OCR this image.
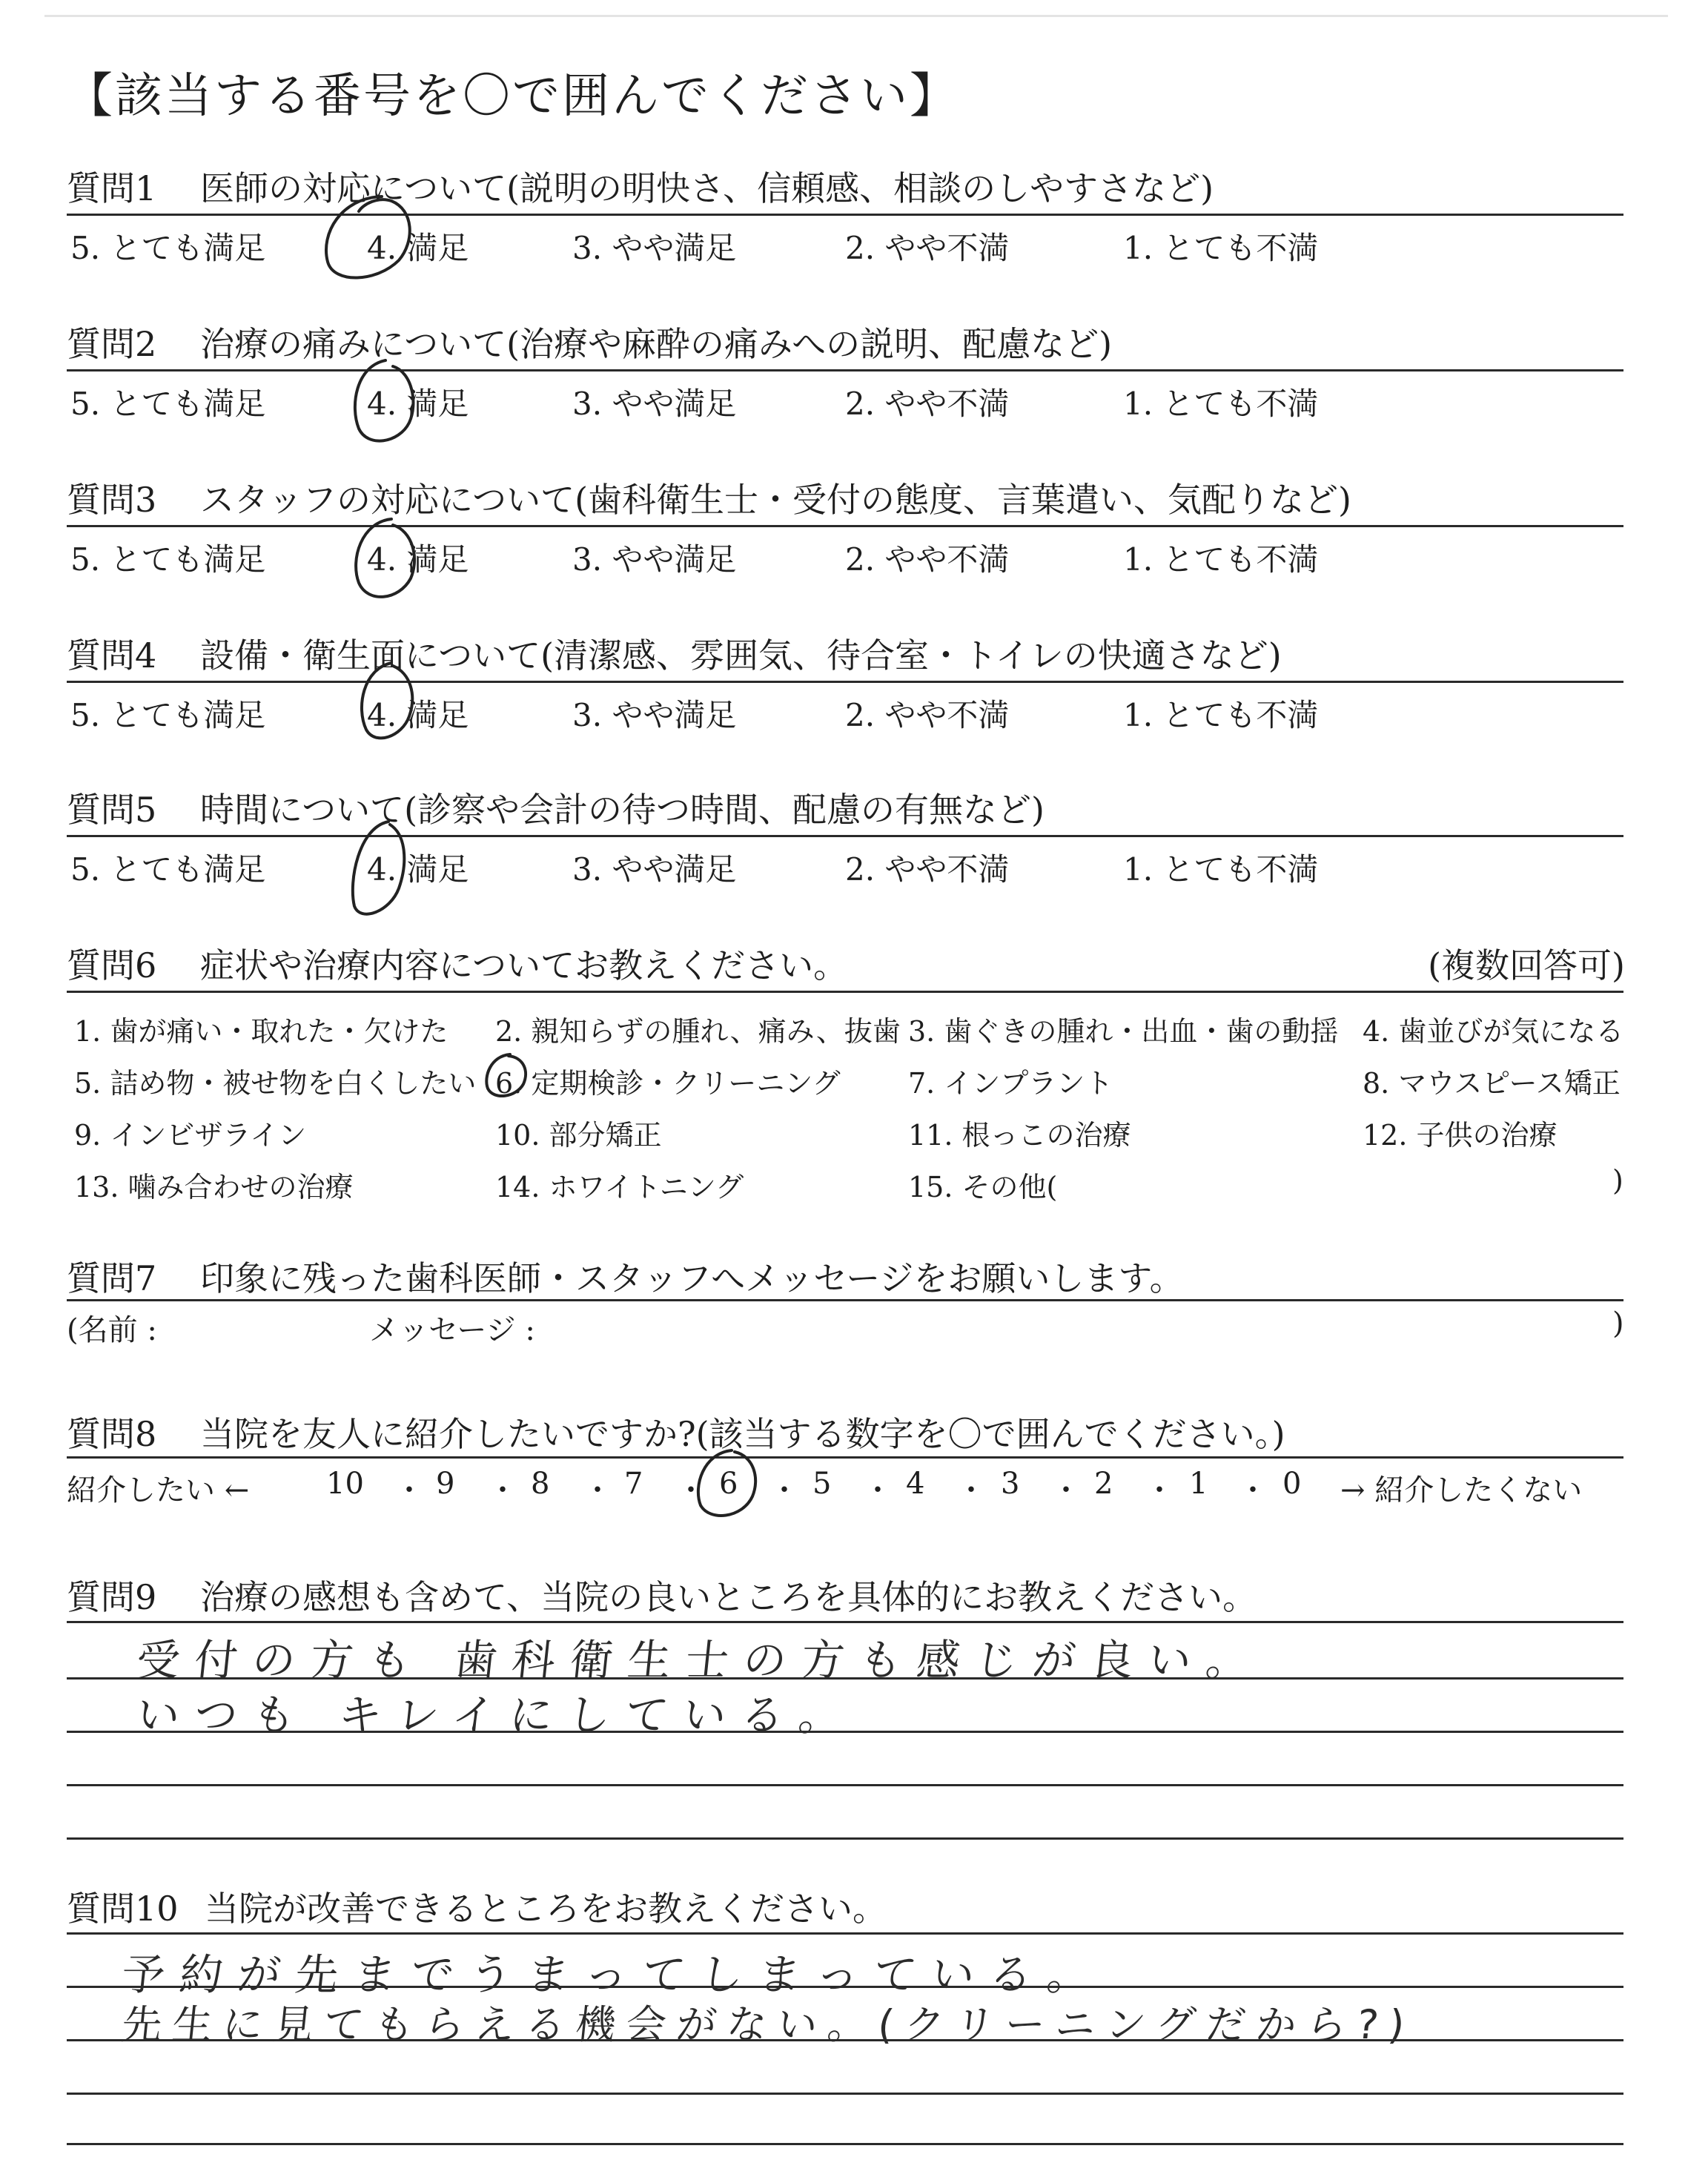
【該当する番号を〇で囲んでください】
質問1 医師の対応について(説明の明快さ、信頼感、相談のしやすさなど)
5. とても満足	4. 満足	3. やや満足	2. やや不満	1. とても不満
質問2 治療の痛みについて(治療や麻酔の痛みへの説明、配慮など)
5. とても満足	4. 満足	3. やや満足	2. やや不満	1. とても不満
質問3 スタッフの対応について(歯科衛生士・受付の態度、言葉遣い、気配りなど)
5. とても満足	4. 満足	3. やや満足	2. やや不満	1. とても不満
質問4 設備・衛生面について(清潔感、雰囲気、待合室・トイレの快適さなど)
5. とても満足	4. 満足	3. やや満足	2. やや不満	1. とても不満
質問5 時間について(診察や会計の待つ時間、配慮の有無など)
5. とても満足	4. 満足	3. やや満足	2. やや不満	1. とても不満
質問6 症状や治療内容についてお教えください。	(複数回答可)
1. 歯が痛い・取れた・欠けた 2. 親知らずの腫れ、痛み、抜歯 3. 歯ぐきの腫れ・出血・歯の動揺 4. 歯並びが気になる
5. 詰め物・被せ物を白くしたい 6. 定期検診・クリーニング 7. インプラント	8. マウスピース矯正
9. インビザライン	10. 部分矯正	11. 根っこの治療	12. 子供の治療
13. 噛み合わせの治療	14. ホワイトニング	15. その他(	)
質問7 印象に残った歯科医師・スタッフへメッセージをお願いします。
(名前 :	メッセージ :	)
質問8 当院を友人に紹介したいですか?(該当する数字を〇で囲んでください。)
紹介したい ←	10 ・ 9 ・ 8 ・ 7 ・ 6 ・ 5 ・ 4 ・ 3 ・ 2 ・ 1 ・ 0 → 紹介したくない
質問9 治療の感想も含めて、当院の良いところを具体的にお教えください。
受付の方も 歯科衛生士の方も感じが良い。
いつも キレイにしている。
質問10 当院が改善できるところをお教えください。
予約が先までうまってしまっている。
先生に見てもらえる機会がない。(クリーニングだから?)
